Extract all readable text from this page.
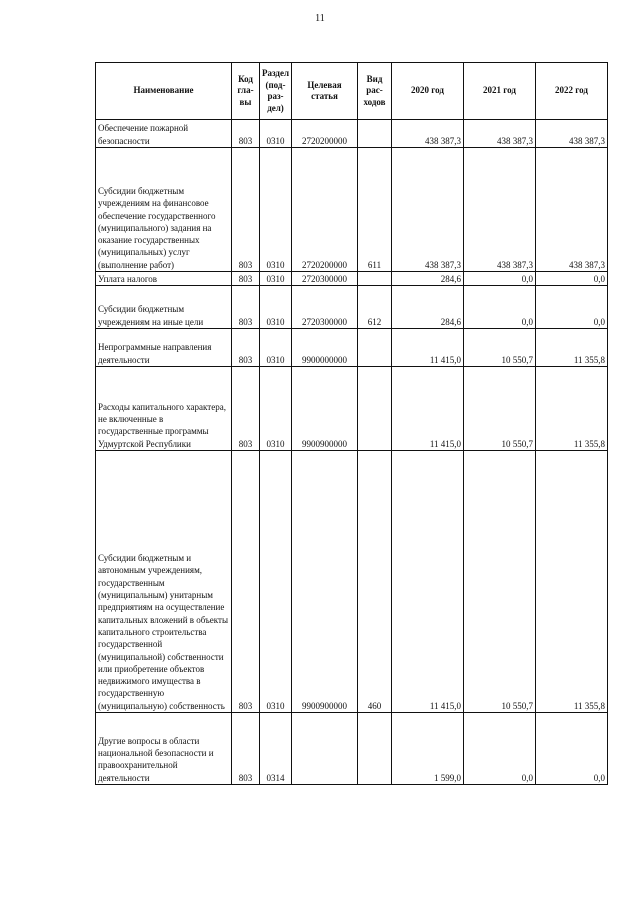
11
Наименование	Код гла- вы	Раздел (под- раз- дел)	Целевая статья	Вид рас- ходов	2020 год	2021 год	2022 год
Обеспечение пожарной безопасности	803	0310	2720200000		438 387,3	438 387,3	438 387,3
Субсидии бюджетным учреждениям на финансовое обеспечение государственного (муниципального) задания на оказание государственных (муниципальных) услуг (выполнение работ)	803	0310	2720200000	611	438 387,3	438 387,3	438 387,3
Уплата налогов	803	0310	2720300000		284,6	0,0	0,0
Субсидии бюджетным учреждениям на иные цели	803	0310	2720300000	612	284,6	0,0	0,0
Непрограммные направления деятельности	803	0310	9900000000		11 415,0	10 550,7	11 355,8
Расходы капитального характера, не включенные в государственные программы Удмуртской Республики	803	0310	9900900000		11 415,0	10 550,7	11 355,8
Субсидии бюджетным и автономным учреждениям, государственным (муниципальным) унитарным предприятиям на осуществление капитальных вложений в объекты капитального строительства государственной (муниципальной) собственности или приобретение объектов недвижимого имущества в государственную (муниципальную) собственность	803	0310	9900900000	460	11 415,0	10 550,7	11 355,8
Другие вопросы в области национальной безопасности и правоохранительной деятельности	803	0314			1 599,0	0,0	0,0
